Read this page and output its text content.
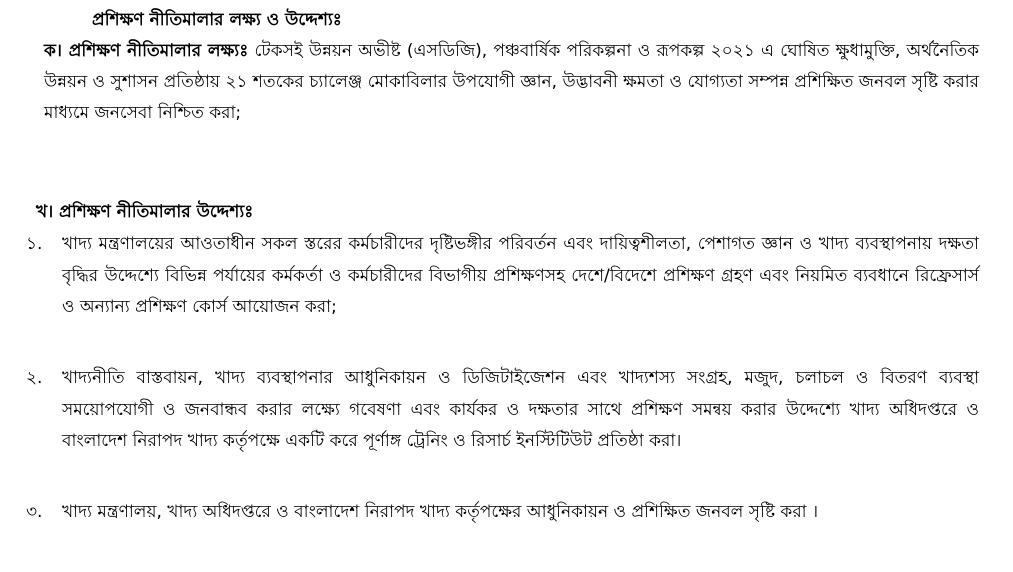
প্রশিক্ষণ নীতিমালার লক্ষ্য ও উদ্দেশ্যঃ
ক। প্রশিক্ষণ নীতিমালার লক্ষ্যঃ টেকসই উন্নয়ন অভীষ্ট (এসডিজি), পঞ্চবার্ষিক পরিকল্পনা ও রূপকল্প ২০২১ এ ঘোষিত ক্ষুধামুক্তি, অর্থনৈতিক উন্নয়ন ও সুশাসন প্রতিষ্ঠায় ২১ শতকের চ্যালেঞ্জ মোকাবিলার উপযোগী জ্ঞান, উদ্ভাবনী ক্ষমতা ও যোগ্যতা সম্পন্ন প্রশিক্ষিত জনবল সৃষ্টি করার মাধ্যমে জনসেবা নিশ্চিত করা;
খ। প্রশিক্ষণ নীতিমালার উদ্দেশ্যঃ
১. খাদ্য মন্ত্রণালয়ের আওতাধীন সকল স্তরের কর্মচারীদের দৃষ্টিভঙ্গীর পরিবর্তন এবং দায়িত্বশীলতা, পেশাগত জ্ঞান ও খাদ্য ব্যবস্থাপনায় দক্ষতা বৃদ্ধির উদ্দেশ্যে বিভিন্ন পর্যায়ের কর্মকর্তা ও কর্মচারীদের বিভাগীয় প্রশিক্ষণসহ দেশে/বিদেশে প্রশিক্ষণ গ্রহণ এবং নিয়মিত ব্যবধানে রিফ্রেসার্স ও অন্যান্য প্রশিক্ষণ কোর্স আয়োজন করা;
২. খাদ্যনীতি বাস্তবায়ন, খাদ্য ব্যবস্থাপনার আধুনিকায়ন ও ডিজিটাইজেশন এবং খাদ্যশস্য সংগ্রহ, মজুদ, চলাচল ও বিতরণ ব্যবস্থা সময়োপযোগী ও জনবান্ধব করার লক্ষ্যে গবেষণা এবং কার্যকর ও দক্ষতার সাথে প্রশিক্ষণ সমন্বয় করার উদ্দেশ্যে খাদ্য অধিদপ্তরে ও বাংলাদেশ নিরাপদ খাদ্য কর্তৃপক্ষে একটি করে পূর্ণাঙ্গ ট্রেনিং ও রিসার্চ ইনস্টিটিউট প্রতিষ্ঠা করা।
৩. খাদ্য মন্ত্রণালয়, খাদ্য অধিদপ্তরে ও বাংলাদেশ নিরাপদ খাদ্য কর্তৃপক্ষের আধুনিকায়ন ও প্রশিক্ষিত জনবল সৃষ্টি করা ।
